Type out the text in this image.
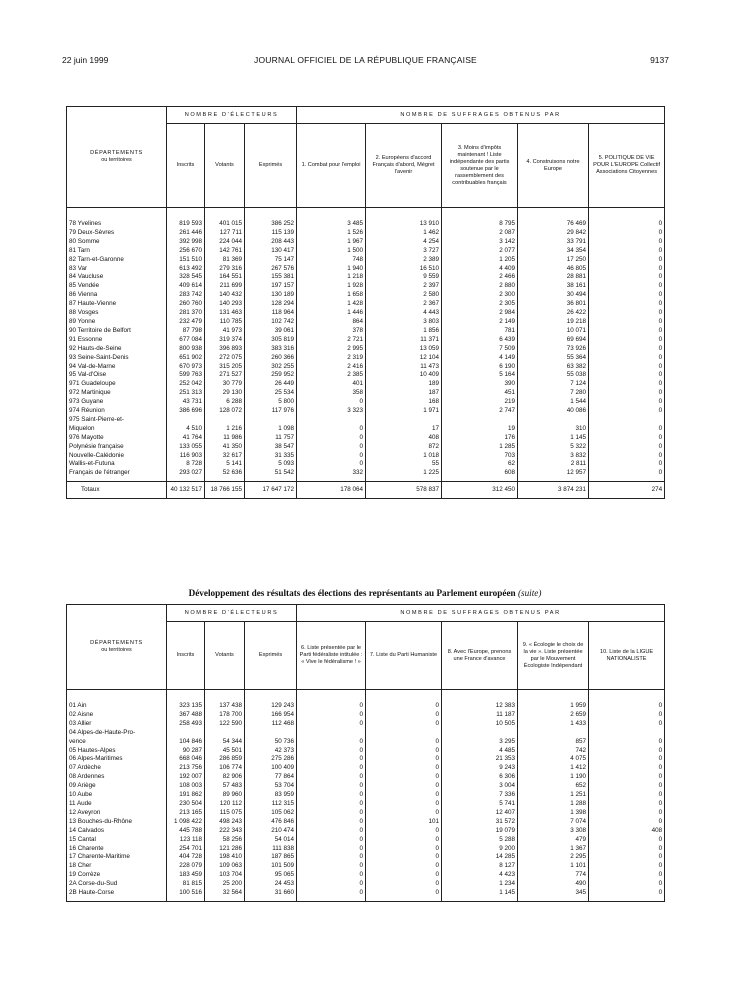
22 juin 1999	JOURNAL OFFICIEL DE LA RÉPUBLIQUE FRANÇAISE	9137
DÉPARTEMENTS
ou territoires	NOMBRE D'ÉLECTEURS			NOMBRE DE SUFFRAGES OBTENUS PAR				
	Inscrits	Votants	Exprimés	1. Combat pour l'emploi	2. Européens d'accord Français d'abord, Mégret l'avenir	3. Moins d'impôts maintenant ! Liste indépendante des partis soutenue par le rassemblement des contribuables français	4. Construisons notre Europe	5. POLITIQUE DE VIE POUR L'EUROPE Collectif Associations Citoyennes

78 Yvelines	819 593	401 015	386 252	3 485	13 910	8 795	76 469	0
79 Deux-Sèvres	261 446	127 711	115 139	1 526	1 462	2 087	29 842	0
80 Somme	392 998	224 044	208 443	1 967	4 254	3 142	33 791	0
81 Tarn	256 670	142 761	130 417	1 500	3 727	2 077	34 354	0
82 Tarn-et-Garonne	151 510	81 369	75 147	748	2 389	1 205	17 250	0
83 Var	613 492	279 316	267 576	1 940	16 510	4 409	46 805	0
84 Vaucluse	328 545	164 551	155 381	1 218	9 559	2 466	28 881	0
85 Vendée	409 614	211 699	197 157	1 928	2 397	2 880	38 161	0
86 Vienna	283 742	140 432	130 189	1 658	2 580	2 300	30 494	0
87 Haute-Vienne	260 760	140 293	128 294	1 428	2 367	2 305	36 801	0
88 Vosges	281 370	131 463	118 964	1 446	4 443	2 984	26 422	0
89 Yonne	232 479	110 785	102 742	864	3 803	2 149	19 218	0
90 Territoire de Belfort	87 798	41 973	39 061	378	1 856	781	10 071	0
91 Essonne	677 084	319 374	305 819	2 721	11 371	6 439	69 694	0
92 Hauts-de-Seine	800 938	396 893	383 316	2 995	13 059	7 509	73 926	0
93 Seine-Saint-Denis	651 902	272 075	260 366	2 319	12 104	4 149	55 364	0
94 Val-de-Marne	670 973	315 205	302 255	2 416	11 473	6 190	63 382	0
95 Val-d'Oise	599 763	271 527	259 952	2 385	10 409	5 164	55 038	0
971 Guadeloupe	252 042	30 779	26 449	401	189	390	7 124	0
972 Martinique	251 313	29 130	25 534	358	187	451	7 280	0
973 Guyane	43 731	6 288	5 800	0	168	219	1 544	0
974 Réunion	386 696	128 072	117 976	3 323	1 971	2 747	40 086	0
975 Saint-Pierre-et-								
Miquelon	4 510	1 216	1 098	0	17	19	310	0
976 Mayotte	41 764	11 986	11 757	0	408	176	1 145	0
Polynésie française	133 055	41 350	38 547	0	872	1 285	5 322	0
Nouvelle-Calédonie	116 903	32 617	31 335	0	1 018	703	3 832	0
Wallis-et-Futuna	8 728	5 141	5 093	0	55	62	2 811	0
Français de l'étranger	293 027	52 636	51 542	332	1 225	608	12 957	0
Totaux	40 132 517	18 766 155	17 647 172	178 064	578 837	312 450	3 874 231	274
Développement des résultats des élections des représentants au Parlement européen (suite)
DÉPARTEMENTS
ou territoires	NOMBRE D'ÉLECTEURS			NOMBRE DE SUFFRAGES OBTENUS PAR				
	Inscrits	Votants	Exprimés	6. Liste présentée par le Parti fédéraliste intitulée : « Vive le fédéralisme ! »	7. Liste du Parti Humaniste	8. Avec l'Europe, prenons une France d'avance	9. « Écologie le choix de la vie ». Liste présentée par le Mouvement Écologiste Indépendant	10. Liste de la LIGUE NATIONALISTE

01 Ain	323 135	137 438	129 243	0	0	12 383	1 959	0
02 Aisne	367 488	178 700	166 954	0	0	11 187	2 659	0
03 Allier	258 493	122 590	112 468	0	0	10 505	1 433	0
04 Alpes-de-Haute-Pro-								
vence	104 846	54 344	50 736	0	0	3 295	857	0
05 Hautes-Alpes	90 287	45 501	42 373	0	0	4 485	742	0
06 Alpes-Maritimes	668 046	286 859	275 286	0	0	21 353	4 075	0
07 Ardèche	213 756	106 774	100 409	0	0	9 243	1 412	0
08 Ardennes	192 007	82 906	77 864	0	0	6 306	1 190	0
09 Ariège	108 003	57 483	53 704	0	0	3 004	652	0
10 Aube	191 862	89 960	83 959	0	0	7 336	1 251	0
11 Aude	230 504	120 112	112 315	0	0	5 741	1 288	0
12 Aveyron	213 165	115 075	105 062	0	0	12 407	1 398	0
13 Bouches-du-Rhône	1 098 422	498 243	476 846	0	101	31 572	7 074	0
14 Calvados	445 788	222 343	210 474	0	0	19 079	3 308	408
15 Cantal	123 118	58 256	54 014	0	0	5 288	479	0
16 Charente	254 701	121 286	111 838	0	0	9 200	1 367	0
17 Charente-Maritime	404 728	198 410	187 865	0	0	14 285	2 295	0
18 Cher	228 079	109 063	101 509	0	0	8 127	1 101	0
19 Corrèze	183 459	103 704	95 065	0	0	4 423	774	0
2A Corse-du-Sud	81 815	25 200	24 453	0	0	1 234	490	0
2B Haute-Corse	100 516	32 564	31 660	0	0	1 145	345	0
